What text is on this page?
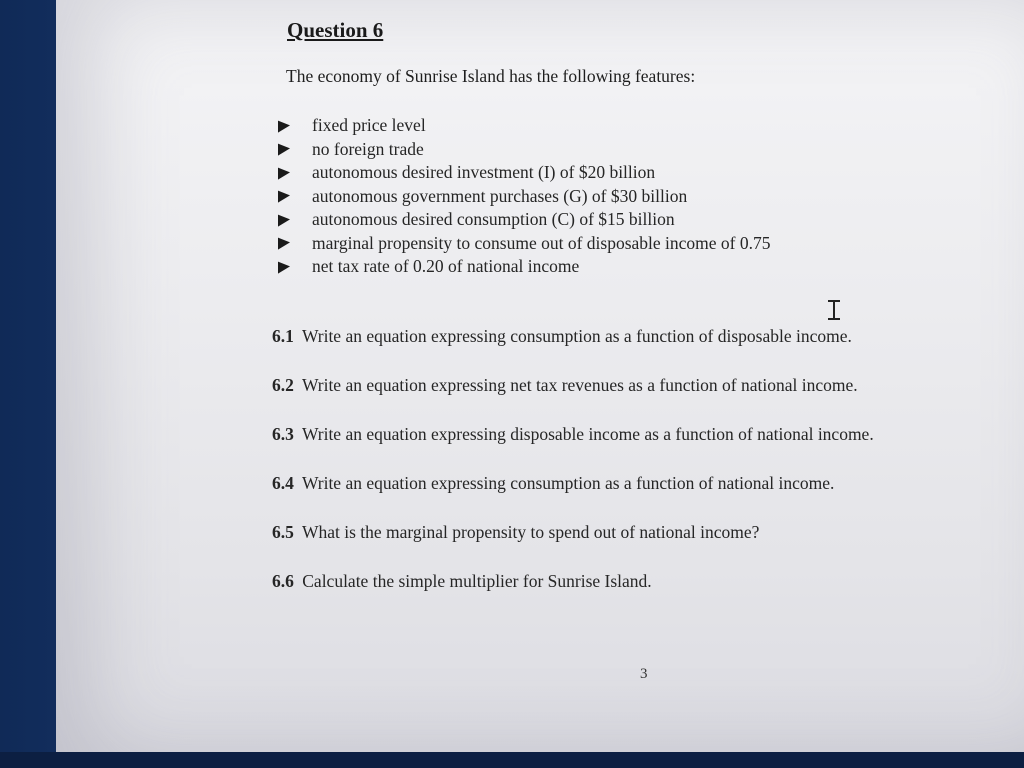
Question 6

The economy of Sunrise Island has the following features:

fixed price level
no foreign trade
autonomous desired investment (I) of $20 billion
autonomous government purchases (G) of $30 billion
autonomous desired consumption (C) of $15 billion
marginal propensity to consume out of disposable income of 0.75
net tax rate of 0.20 of national income
6.1 Write an equation expressing consumption as a function of disposable income.
6.2 Write an equation expressing net tax revenues as a function of national income.
6.3 Write an equation expressing disposable income as a function of national income.
6.4 Write an equation expressing consumption as a function of national income.
6.5 What is the marginal propensity to spend out of national income?
6.6 Calculate the simple multiplier for Sunrise Island.

3
